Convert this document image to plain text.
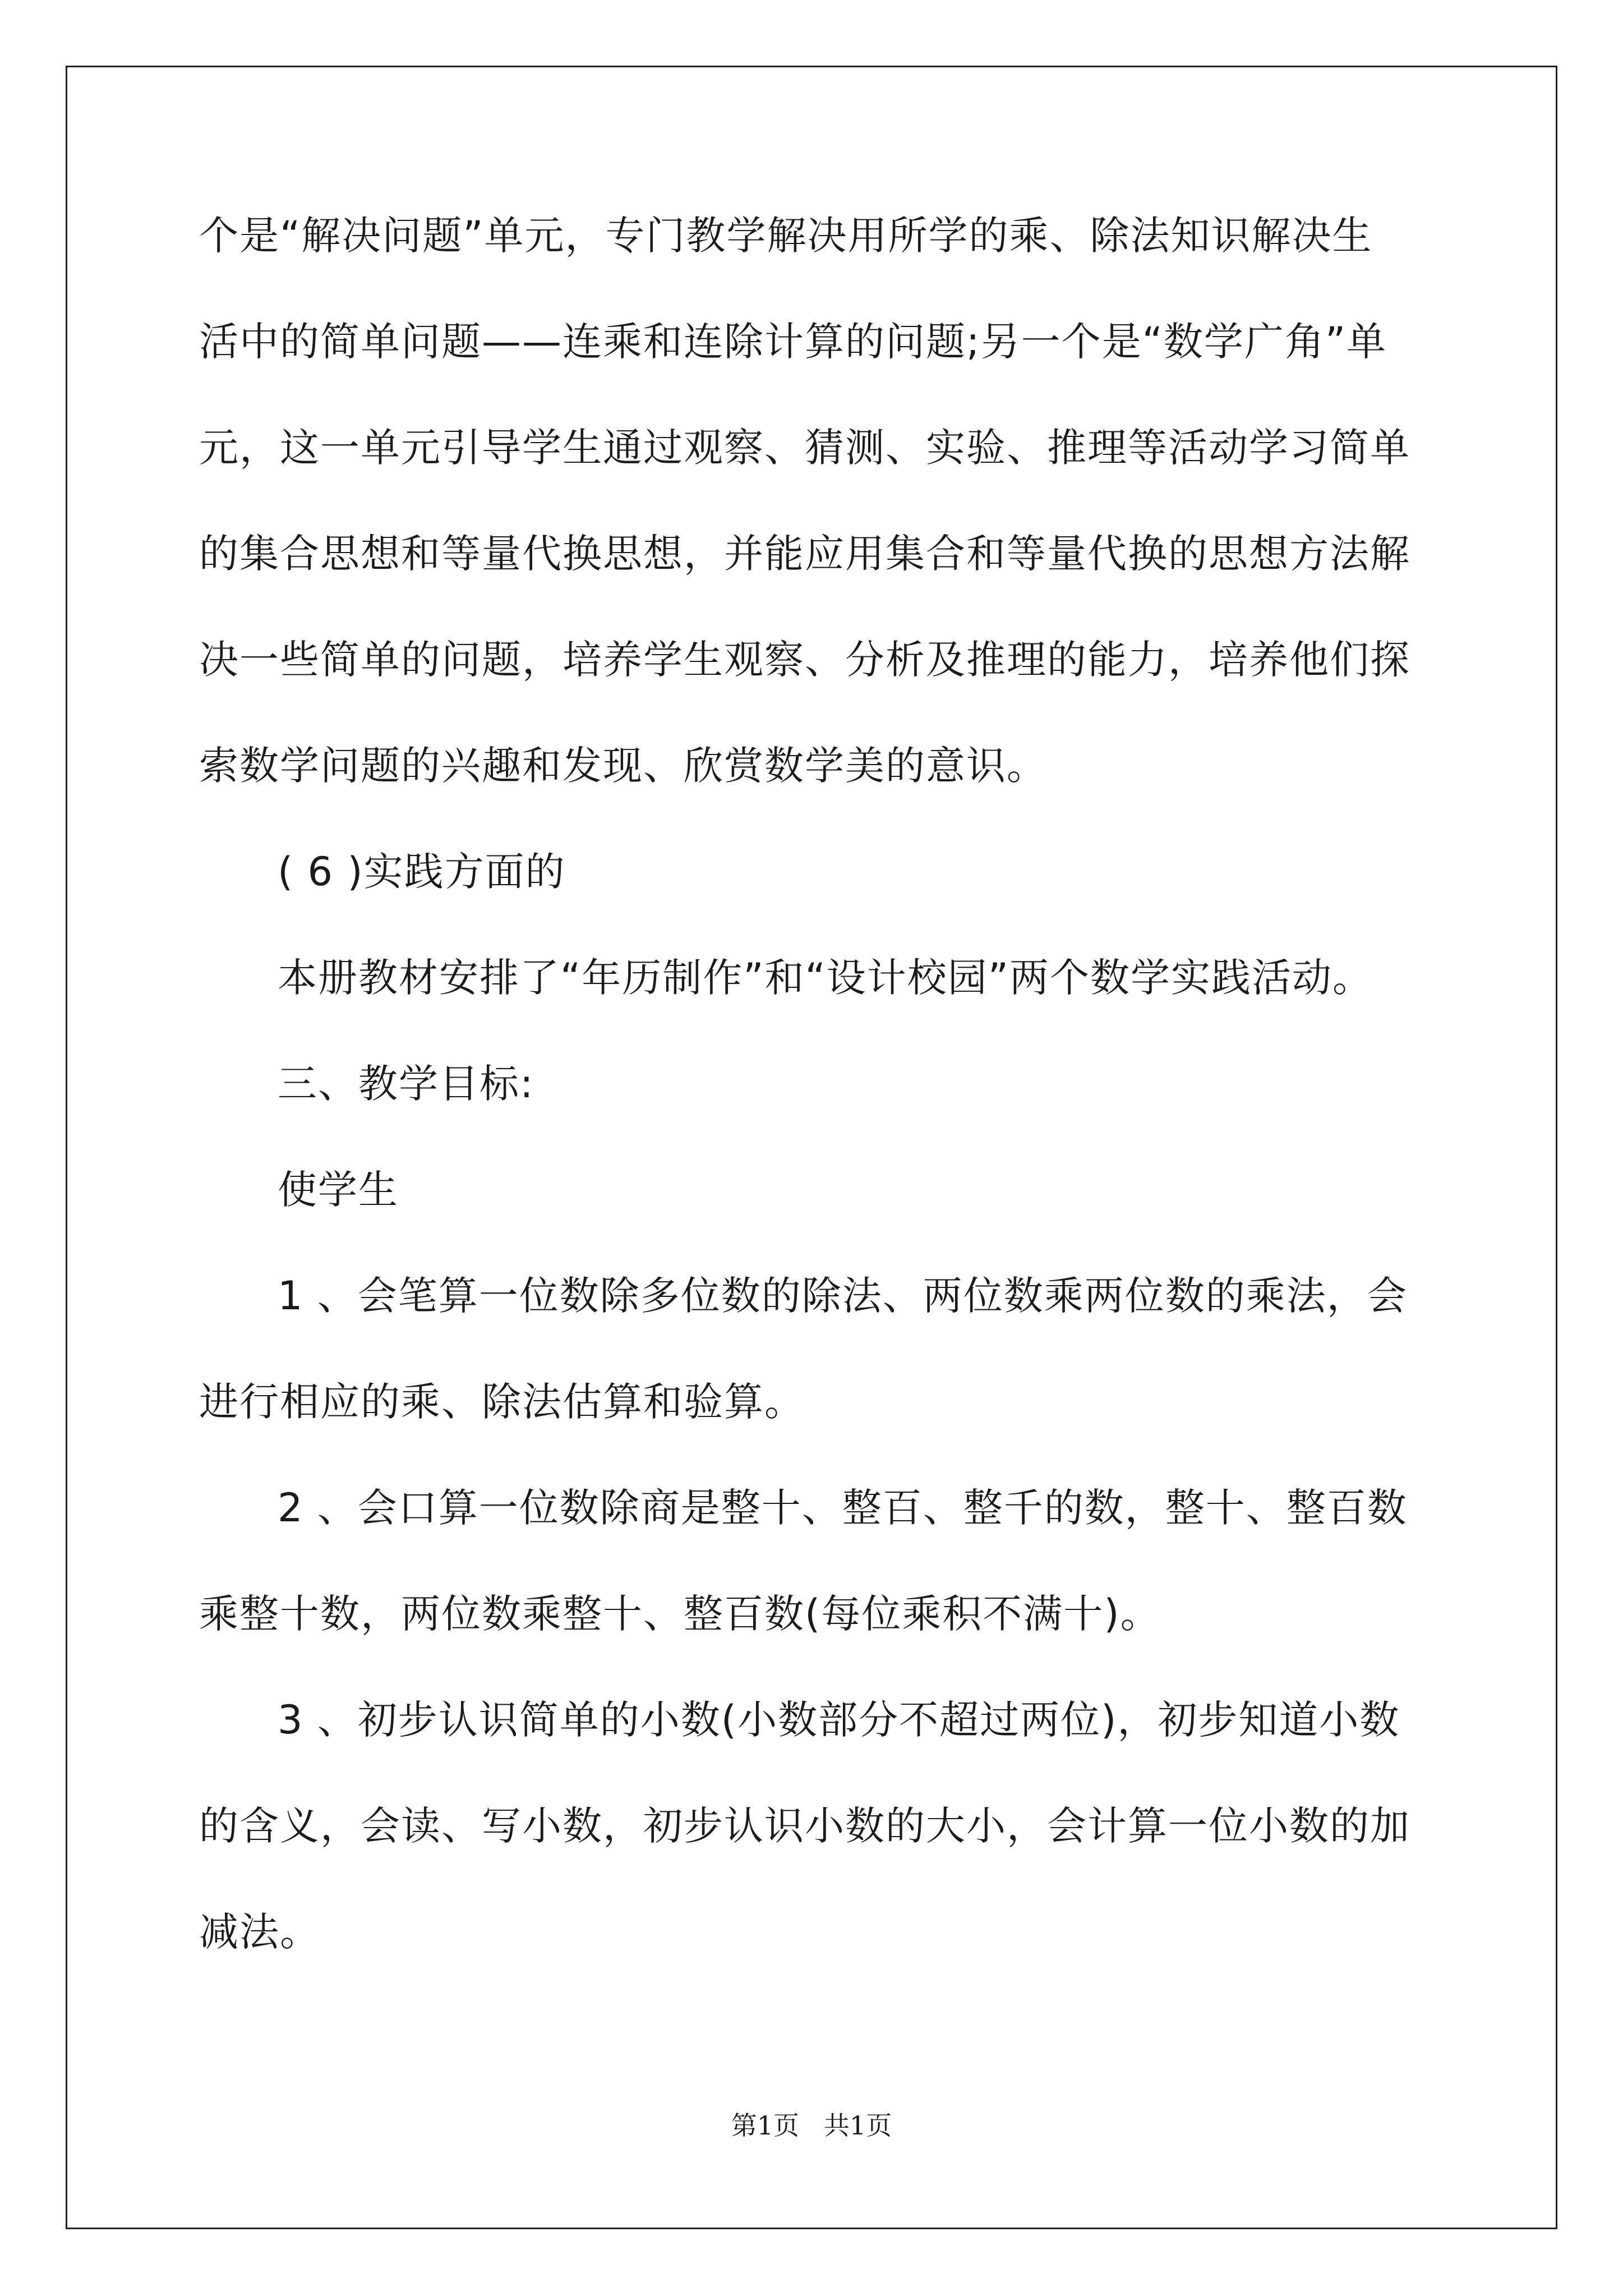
个是“解决问题”单元，专门教学解决用所学的乘、除法知识解决生
活中的简单问题——连乘和连除计算的问题;另一个是“数学广角”单
元，这一单元引导学生通过观察、猜测、实验、推理等活动学习简单
的集合思想和等量代换思想，并能应用集合和等量代换的思想方法解
决一些简单的问题，培养学生观察、分析及推理的能力，培养他们探
索数学问题的兴趣和发现、欣赏数学美的意识。
( 6 )实践方面的
本册教材安排了“年历制作”和“设计校园”两个数学实践活动。
三、教学目标:
使学生
1 、会笔算一位数除多位数的除法、两位数乘两位数的乘法，会
进行相应的乘、除法估算和验算。
2 、会口算一位数除商是整十、整百、整千的数，整十、整百数
乘整十数，两位数乘整十、整百数(每位乘积不满十)。
3 、初步认识简单的小数(小数部分不超过两位)，初步知道小数
的含义，会读、写小数，初步认识小数的大小，会计算一位小数的加
减法。
第1页   共1页
